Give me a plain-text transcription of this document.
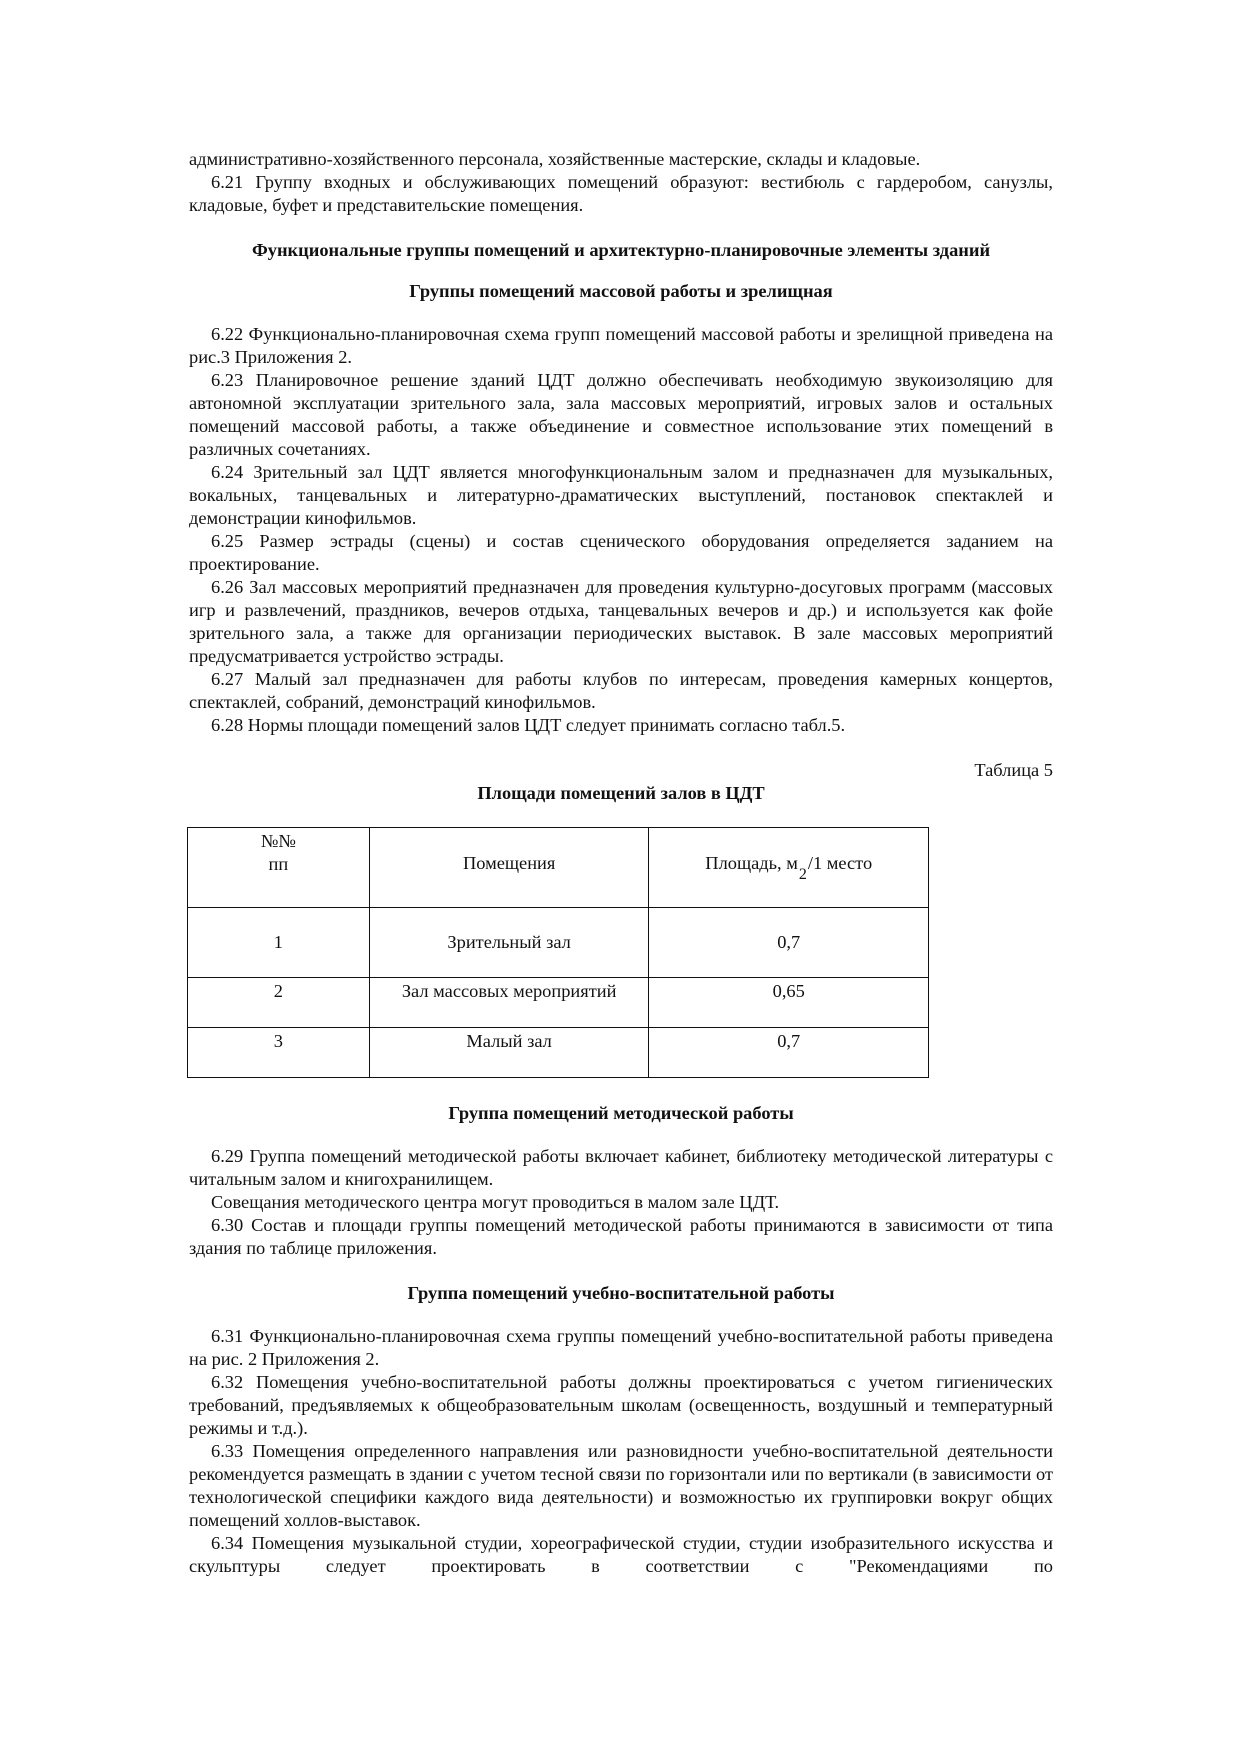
административно-хозяйственного персонала, хозяйственные мастерские, склады и кладовые.

6.21 Группу входных и обслуживающих помещений образуют: вестибюль с гардеробом, санузлы, кладовые, буфет и представительские помещения.

Функциональные группы помещений и архитектурно-планировочные элементы зданий

Группы помещений массовой работы и зрелищная

6.22 Функционально-планировочная схема групп помещений массовой работы и зрелищной приведена на рис.3 Приложения 2.

6.23 Планировочное решение зданий ЦДТ должно обеспечивать необходимую звукоизоляцию для автономной эксплуатации зрительного зала, зала массовых мероприятий, игровых залов и остальных помещений массовой работы, а также объединение и совместное использование этих помещений в различных сочетаниях.

6.24 Зрительный зал ЦДТ является многофункциональным залом и предназначен для музыкальных, вокальных, танцевальных и литературно-драматических выступлений, постановок спектаклей и демонстрации кинофильмов.

6.25 Размер эстрады (сцены) и состав сценического оборудования определяется заданием на проектирование.

6.26 Зал массовых мероприятий предназначен для проведения культурно-досуговых программ (массовых игр и развлечений, праздников, вечеров отдыха, танцевальных вечеров и др.) и используется как фойе зрительного зала, а также для организации периодических выставок. В зале массовых мероприятий предусматривается устройство эстрады.

6.27 Малый зал предназначен для работы клубов по интересам, проведения камерных концертов, спектаклей, собраний, демонстраций кинофильмов.

6.28 Нормы площади помещений залов ЦДТ следует принимать согласно табл.5.

Таблица 5

Площади помещений залов в ЦДТ

№№
пп	Помещения	Площадь, м2/1 место

1	Зрительный зал	0,7
2	Зал массовых мероприятий	0,65
3	Малый зал	0,7

Группа помещений методической работы

6.29 Группа помещений методической работы включает кабинет, библиотеку методической литературы с читальным залом и книгохранилищем.

Совещания методического центра могут проводиться в малом зале ЦДТ.

6.30 Состав и площади группы помещений методической работы принимаются в зависимости от типа здания по таблице приложения.

Группа помещений учебно-воспитательной работы

6.31 Функционально-планировочная схема группы помещений учебно-воспитательной работы приведена на рис. 2 Приложения 2.

6.32 Помещения учебно-воспитательной работы должны проектироваться с учетом гигиенических требований, предъявляемых к общеобразовательным школам (освещенность, воздушный и температурный режимы и т.д.).

6.33 Помещения определенного направления или разновидности учебно-воспитательной деятельности рекомендуется размещать в здании с учетом тесной связи по горизонтали или по вертикали (в зависимости от технологической специфики каждого вида деятельности) и возможностью их группировки вокруг общих помещений холлов-выставок.

6.34 Помещения музыкальной студии, хореографической студии, студии изобразительного искусства и скульптуры следует проектировать в соответствии с "Рекомендациями по
